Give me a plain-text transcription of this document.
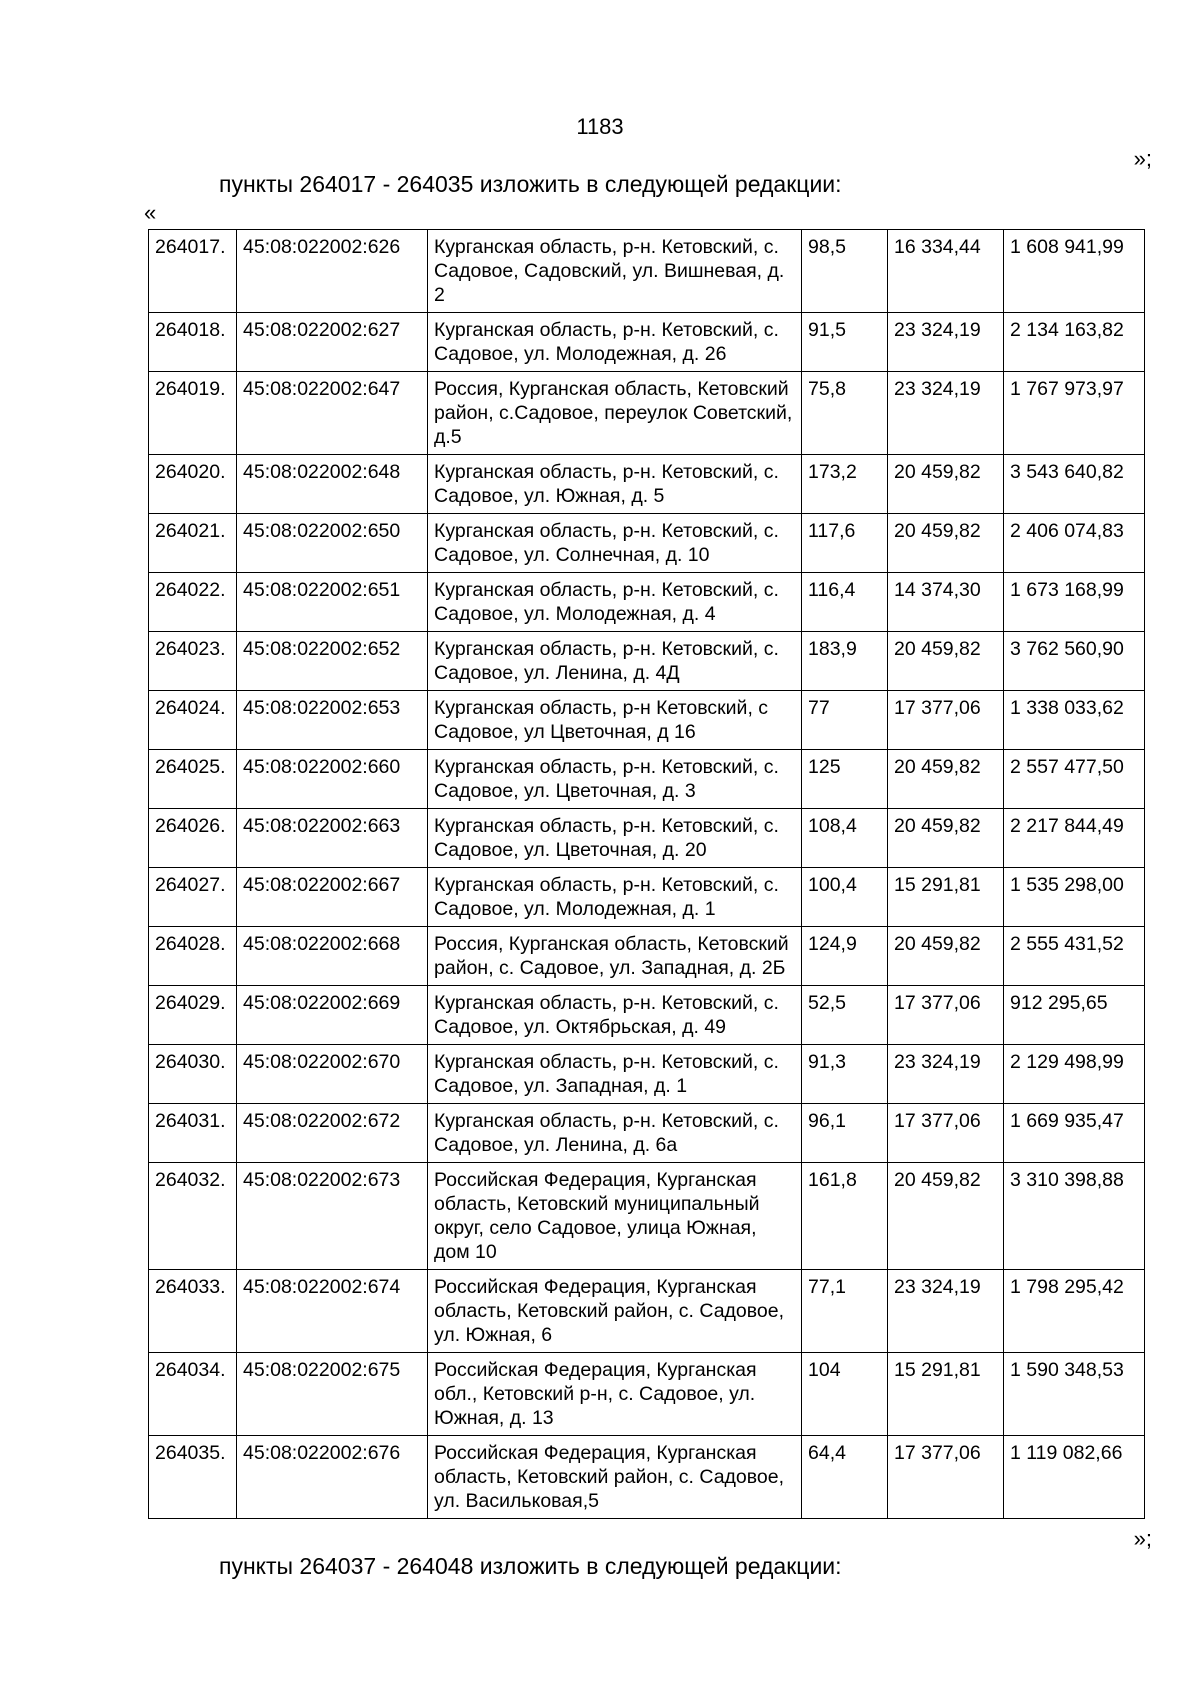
1183
»;
пункты 264017 - 264035 изложить в следующей редакции:
«
264017.	45:08:022002:626	Курганская область, р-н. Кетовский, с. Садовое, Садовский, ул. Вишневая, д. 2	98,5	16 334,44	1 608 941,99
264018.	45:08:022002:627	Курганская область, р-н. Кетовский, с. Садовое, ул. Молодежная, д. 26	91,5	23 324,19	2 134 163,82
264019.	45:08:022002:647	Россия, Курганская область, Кетовский район, с.Садовое, переулок Советский, д.5	75,8	23 324,19	1 767 973,97
264020.	45:08:022002:648	Курганская область, р-н. Кетовский, с. Садовое, ул. Южная, д. 5	173,2	20 459,82	3 543 640,82
264021.	45:08:022002:650	Курганская область, р-н. Кетовский, с. Садовое, ул. Солнечная, д. 10	117,6	20 459,82	2 406 074,83
264022.	45:08:022002:651	Курганская область, р-н. Кетовский, с. Садовое, ул. Молодежная, д. 4	116,4	14 374,30	1 673 168,99
264023.	45:08:022002:652	Курганская область, р-н. Кетовский, с. Садовое, ул. Ленина, д. 4Д	183,9	20 459,82	3 762 560,90
264024.	45:08:022002:653	Курганская область, р-н Кетовский, с Садовое, ул Цветочная, д 16	77	17 377,06	1 338 033,62
264025.	45:08:022002:660	Курганская область, р-н. Кетовский, с. Садовое, ул. Цветочная, д. 3	125	20 459,82	2 557 477,50
264026.	45:08:022002:663	Курганская область, р-н. Кетовский, с. Садовое, ул. Цветочная, д. 20	108,4	20 459,82	2 217 844,49
264027.	45:08:022002:667	Курганская область, р-н. Кетовский, с. Садовое, ул. Молодежная, д. 1	100,4	15 291,81	1 535 298,00
264028.	45:08:022002:668	Россия, Курганская область, Кетовский район, с. Садовое, ул. Западная, д. 2Б	124,9	20 459,82	2 555 431,52
264029.	45:08:022002:669	Курганская область, р-н. Кетовский, с. Садовое, ул. Октябрьская, д. 49	52,5	17 377,06	912 295,65
264030.	45:08:022002:670	Курганская область, р-н. Кетовский, с. Садовое, ул. Западная, д. 1	91,3	23 324,19	2 129 498,99
264031.	45:08:022002:672	Курганская область, р-н. Кетовский, с. Садовое, ул. Ленина, д. 6а	96,1	17 377,06	1 669 935,47
264032.	45:08:022002:673	Российская Федерация, Курганская область, Кетовский муниципальный округ, село Садовое, улица Южная, дом 10	161,8	20 459,82	3 310 398,88
264033.	45:08:022002:674	Российская Федерация, Курганская область, Кетовский район, с. Садовое, ул. Южная, 6	77,1	23 324,19	1 798 295,42
264034.	45:08:022002:675	Российская Федерация, Курганская обл., Кетовский р-н, с. Садовое, ул. Южная, д. 13	104	15 291,81	1 590 348,53
264035.	45:08:022002:676	Российская Федерация, Курганская область, Кетовский район, с. Садовое, ул. Васильковая,5	64,4	17 377,06	1 119 082,66
»;
пункты 264037 - 264048 изложить в следующей редакции:
